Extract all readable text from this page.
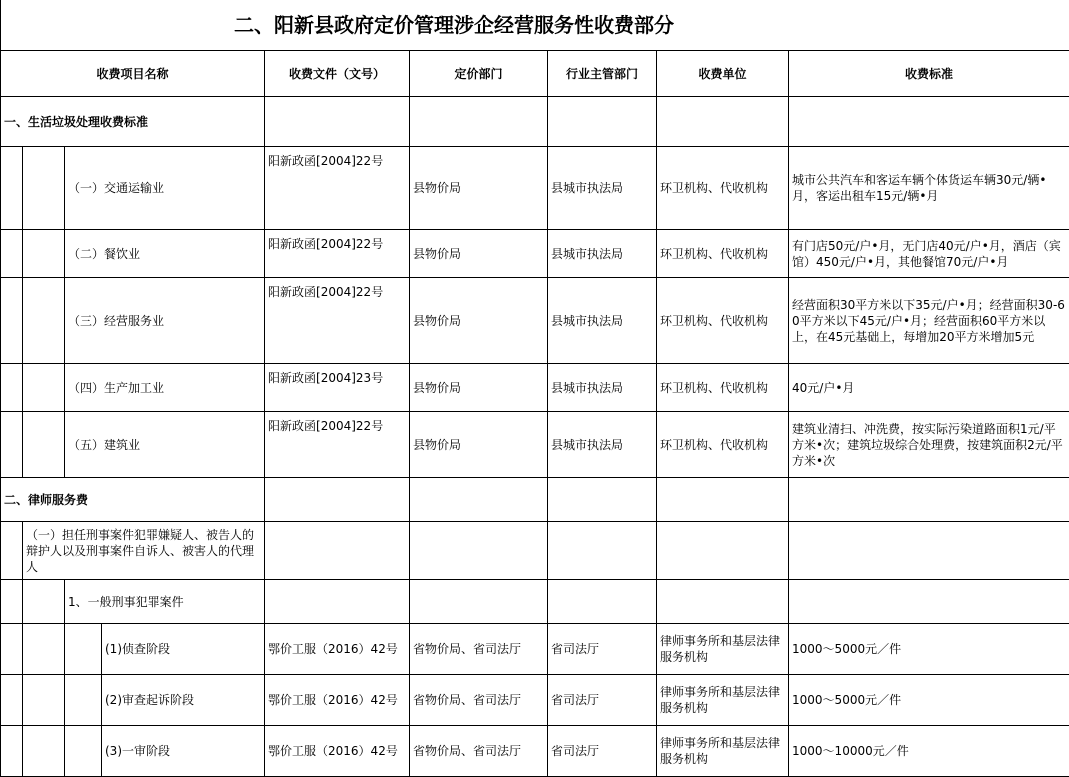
二、阳新县政府定价管理涉企经营服务性收费部分
收费项目名称				收费文件（文号）	定价部门	行业主管部门	收费单位	收费标准
一、生活垃圾处理收费标准								
		（一）交通运输业		阳新政函[2004]22号	县物价局	县城市执法局	环卫机构、代收机构	城市公共汽车和客运车辆个体货运车辆30元/辆•月，客运出租车15元/辆•月
		（二）餐饮业		阳新政函[2004]22号	县物价局	县城市执法局	环卫机构、代收机构	有门店50元/户•月，无门店40元/户•月，酒店（宾馆）450元/户•月，其他餐馆70元/户•月
		（三）经营服务业		阳新政函[2004]22号	县物价局	县城市执法局	环卫机构、代收机构	经营面积30平方米以下35元/户•月；经营面积30-60平方米以下45元/户•月；经营面积60平方米以上，在45元基础上，每增加20平方米增加5元
		（四）生产加工业		阳新政函[2004]23号	县物价局	县城市执法局	环卫机构、代收机构	40元/户•月
		（五）建筑业		阳新政函[2004]22号	县物价局	县城市执法局	环卫机构、代收机构	建筑业清扫、冲洗费，按实际污染道路面积1元/平方米•次；建筑垃圾综合处理费，按建筑面积2元/平方米•次
二、律师服务费								
	（一）担任刑事案件犯罪嫌疑人、被告人的辩护人以及刑事案件自诉人、被害人的代理人							
		1、一般刑事犯罪案件						
			(1)侦查阶段	鄂价工服（2016）42号	省物价局、省司法厅	省司法厅	律师事务所和基层法律服务机构	1000～5000元／件
			(2)审查起诉阶段	鄂价工服（2016）42号	省物价局、省司法厅	省司法厅	律师事务所和基层法律服务机构	1000～5000元／件
			(3)一审阶段	鄂价工服（2016）42号	省物价局、省司法厅	省司法厅	律师事务所和基层法律服务机构	1000～10000元／件
